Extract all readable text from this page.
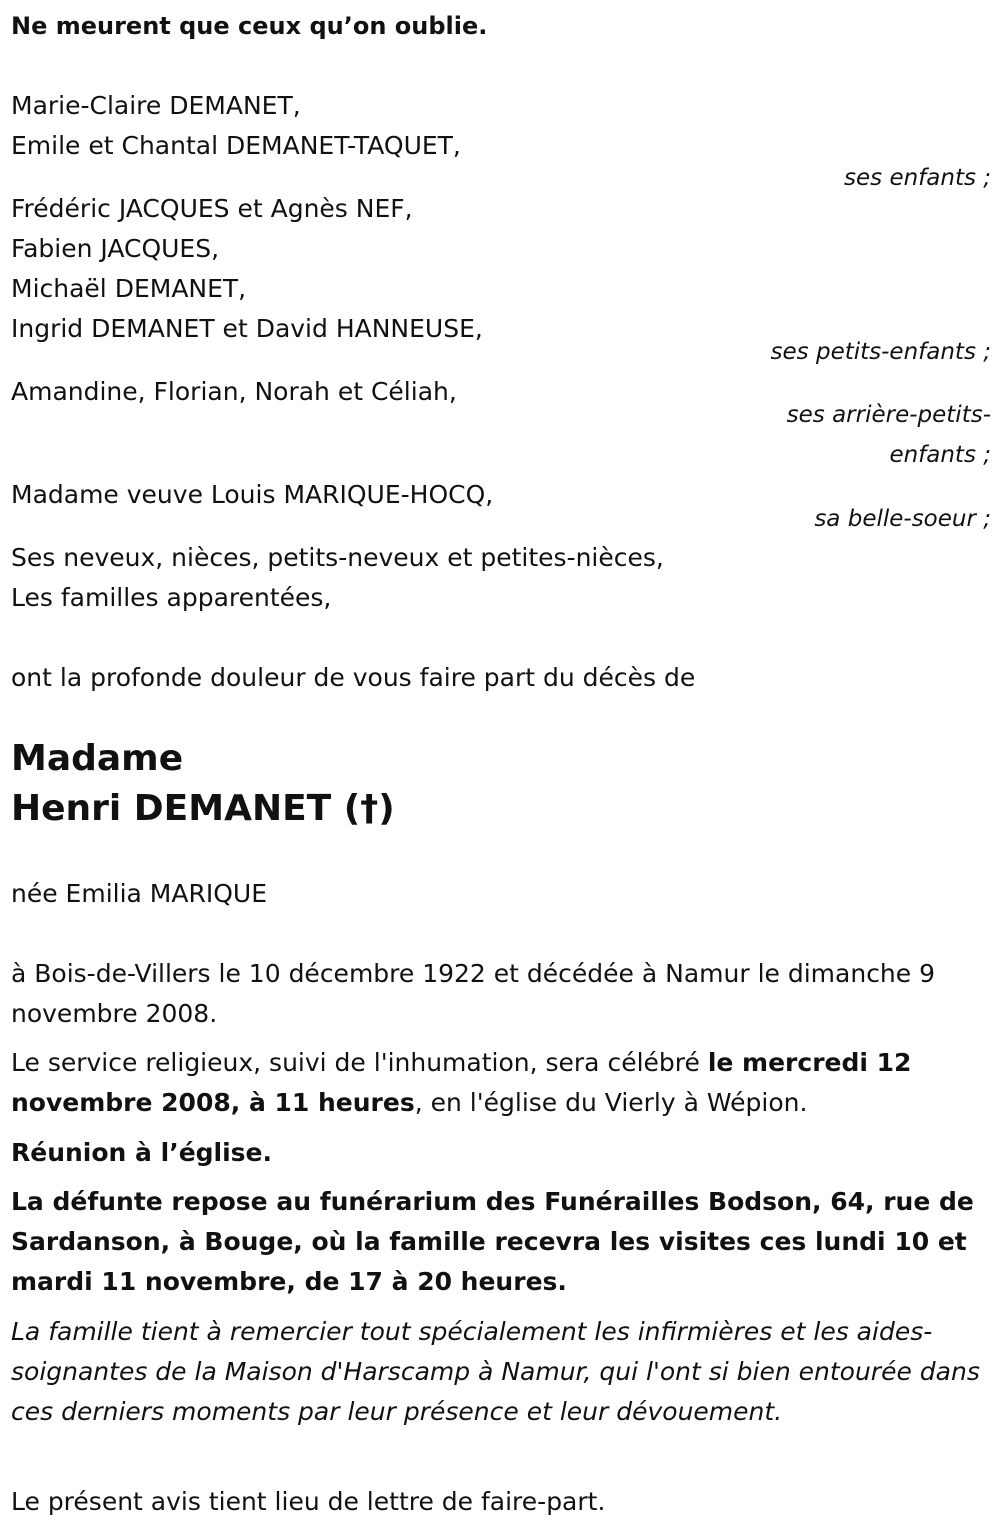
Ne meurent que ceux qu’on oublie.
Marie-Claire DEMANET,
Emile et Chantal DEMANET-TAQUET,
ses enfants ;
Frédéric JACQUES et Agnès NEF,
Fabien JACQUES,
Michaël DEMANET,
Ingrid DEMANET et David HANNEUSE,
ses petits-enfants ;
Amandine, Florian, Norah et Céliah,
ses arrière-petits-enfants ;
Madame veuve Louis MARIQUE-HOCQ,
sa belle-soeur ;
Ses neveux, nièces, petits-neveux et petites-nièces,
Les familles apparentées,
ont la profonde douleur de vous faire part du décès de
Madame
Henri DEMANET (†)
née Emilia MARIQUE
à Bois-de-Villers le 10 décembre 1922 et décédée à Namur le dimanche 9 novembre 2008.
Le service religieux, suivi de l'inhumation, sera célébré le mercredi 12 novembre 2008, à 11 heures, en l'église du Vierly à Wépion.
Réunion à l’église.
La défunte repose au funérarium des Funérailles Bodson, 64, rue de Sardanson, à Bouge, où la famille recevra les visites ces lundi 10 et mardi 11 novembre, de 17 à 20 heures.
La famille tient à remercier tout spécialement les infirmières et les aides-soignantes de la Maison d'Harscamp à Namur, qui l'ont si bien entourée dans ces derniers moments par leur présence et leur dévouement.
Le présent avis tient lieu de lettre de faire-part.
